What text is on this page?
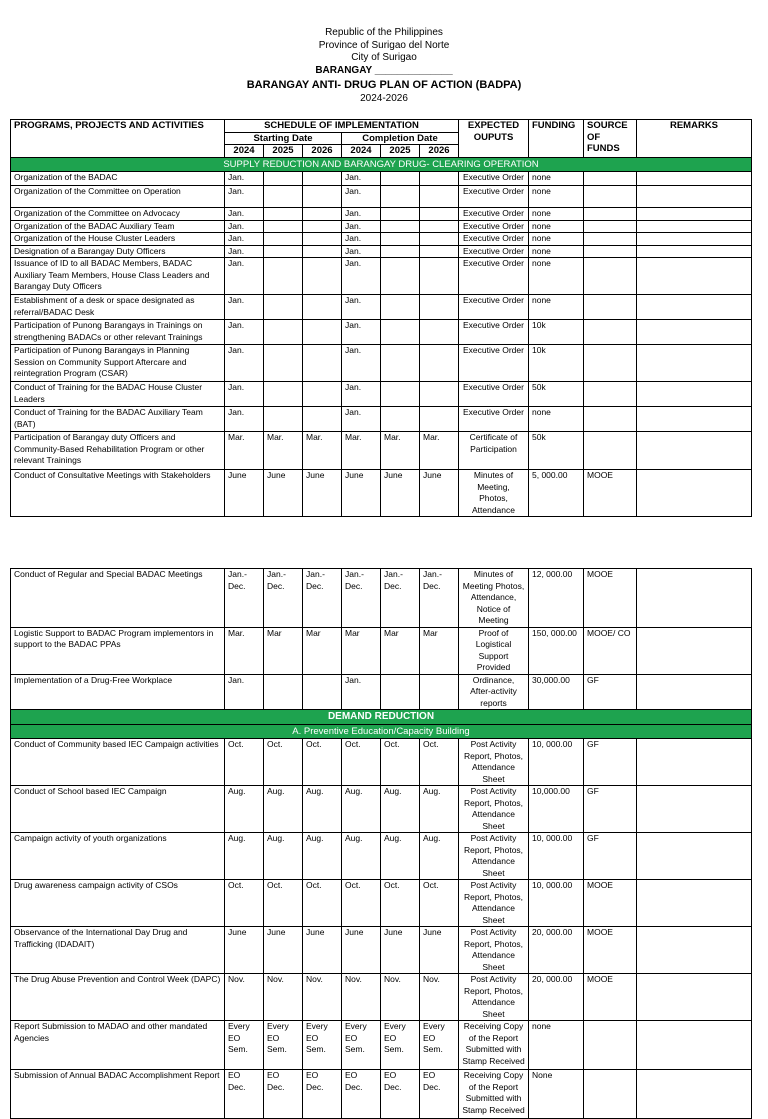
Republic of the Philippines
Province of Surigao del Norte
City of Surigao
BARANGAY ______________
BARANGAY ANTI- DRUG PLAN OF ACTION (BADPA)
2024-2026
PROGRAMS, PROJECTS AND ACTIVITIES	SCHEDULE OF IMPLEMENTATION						EXPECTED OUPUTS	FUNDING	SOURCE OF FUNDS	REMARKS
	Starting Date			Completion Date						
	2024	2025	2026	2024	2025	2026				
SUPPLY REDUCTION AND BARANGAY DRUG- CLEARING OPERATION										
Organization of the BADAC	Jan.			Jan.			Executive Order	none		
Organization of the Committee on Operation	Jan.			Jan.			Executive Order	none		
Organization of the Committee on Advocacy	Jan.			Jan.			Executive Order	none		
Organization of the BADAC Auxiliary Team	Jan.			Jan.			Executive Order	none		
Organization of the House Cluster Leaders	Jan.			Jan.			Executive Order	none		
Designation of a Barangay Duty Officers	Jan.			Jan.			Executive Order	none		
Issuance of ID to all BADAC Members, BADAC Auxiliary Team Members, House Class Leaders and Barangay Duty Officers	Jan.			Jan.			Executive Order	none		
Establishment of a desk or space designated as referral/BADAC Desk	Jan.			Jan.			Executive Order	none		
Participation of Punong Barangays in Trainings on strengthening BADACs or other relevant Trainings	Jan.			Jan.			Executive Order	10k		
Participation of Punong Barangays in Planning Session on Community Support Aftercare and reintegration Program (CSAR)	Jan.			Jan.			Executive Order	10k		
Conduct of Training for the BADAC House Cluster Leaders	Jan.			Jan.			Executive Order	50k		
Conduct of Training for the BADAC Auxiliary Team (BAT)	Jan.			Jan.			Executive Order	none		
Participation of Barangay duty Officers and Community-Based Rehabilitation Program or other relevant Trainings	Mar.	Mar.	Mar.	Mar.	Mar.	Mar.	Certificate of Participation	50k		
Conduct of Consultative Meetings with Stakeholders	June	June	June	June	June	June	Minutes of Meeting, Photos, Attendance	5, 000.00	MOOE	
Conduct of Regular and Special BADAC Meetings	Jan.-Dec.	Jan.-Dec.	Jan.-Dec.	Jan.-Dec.	Jan.-Dec.	Jan.-Dec.	Minutes of Meeting Photos, Attendance, Notice of Meeting	12, 000.00	MOOE	
Logistic Support to BADAC Program implementors in support to the BADAC PPAs	Mar.	Mar	Mar	Mar	Mar	Mar	Proof of Logistical Support Provided	150, 000.00	MOOE/ CO	
Implementation of a Drug-Free Workplace	Jan.			Jan.			Ordinance, After-activity reports	30,000.00	GF	
DEMAND REDUCTION										
A. Preventive Education/Capacity Building										
Conduct of Community based IEC Campaign activities	Oct.	Oct.	Oct.	Oct.	Oct.	Oct.	Post Activity Report, Photos, Attendance Sheet	10, 000.00	GF	
Conduct of School based IEC Campaign	Aug.	Aug.	Aug.	Aug.	Aug.	Aug.	Post Activity Report, Photos, Attendance Sheet	10,000.00	GF	
Campaign activity of youth organizations	Aug.	Aug.	Aug.	Aug.	Aug.	Aug.	Post Activity Report, Photos, Attendance Sheet	10, 000.00	GF	
Drug awareness campaign activity of CSOs	Oct.	Oct.	Oct.	Oct.	Oct.	Oct.	Post Activity Report, Photos, Attendance Sheet	10, 000.00	MOOE	
Observance of the International Day Drug and Trafficking (IDADAIT)	June	June	June	June	June	June	Post Activity Report, Photos, Attendance Sheet	20, 000.00	MOOE	
The Drug Abuse Prevention and Control Week (DAPC)	Nov.	Nov.	Nov.	Nov.	Nov.	Nov.	Post Activity Report, Photos, Attendance Sheet	20, 000.00	MOOE	
Report Submission to MADAO and other mandated Agencies	Every EO Sem.	Every EO Sem.	Every EO Sem.	Every EO Sem.	Every EO Sem.	Every EO Sem.	Receiving Copy of the Report Submitted with Stamp Received	none		
Submission of Annual BADAC Accomplishment Report	EO Dec.	EO Dec.	EO Dec.	EO Dec.	EO Dec.	EO Dec.	Receiving Copy of the Report Submitted with Stamp Received	None		
